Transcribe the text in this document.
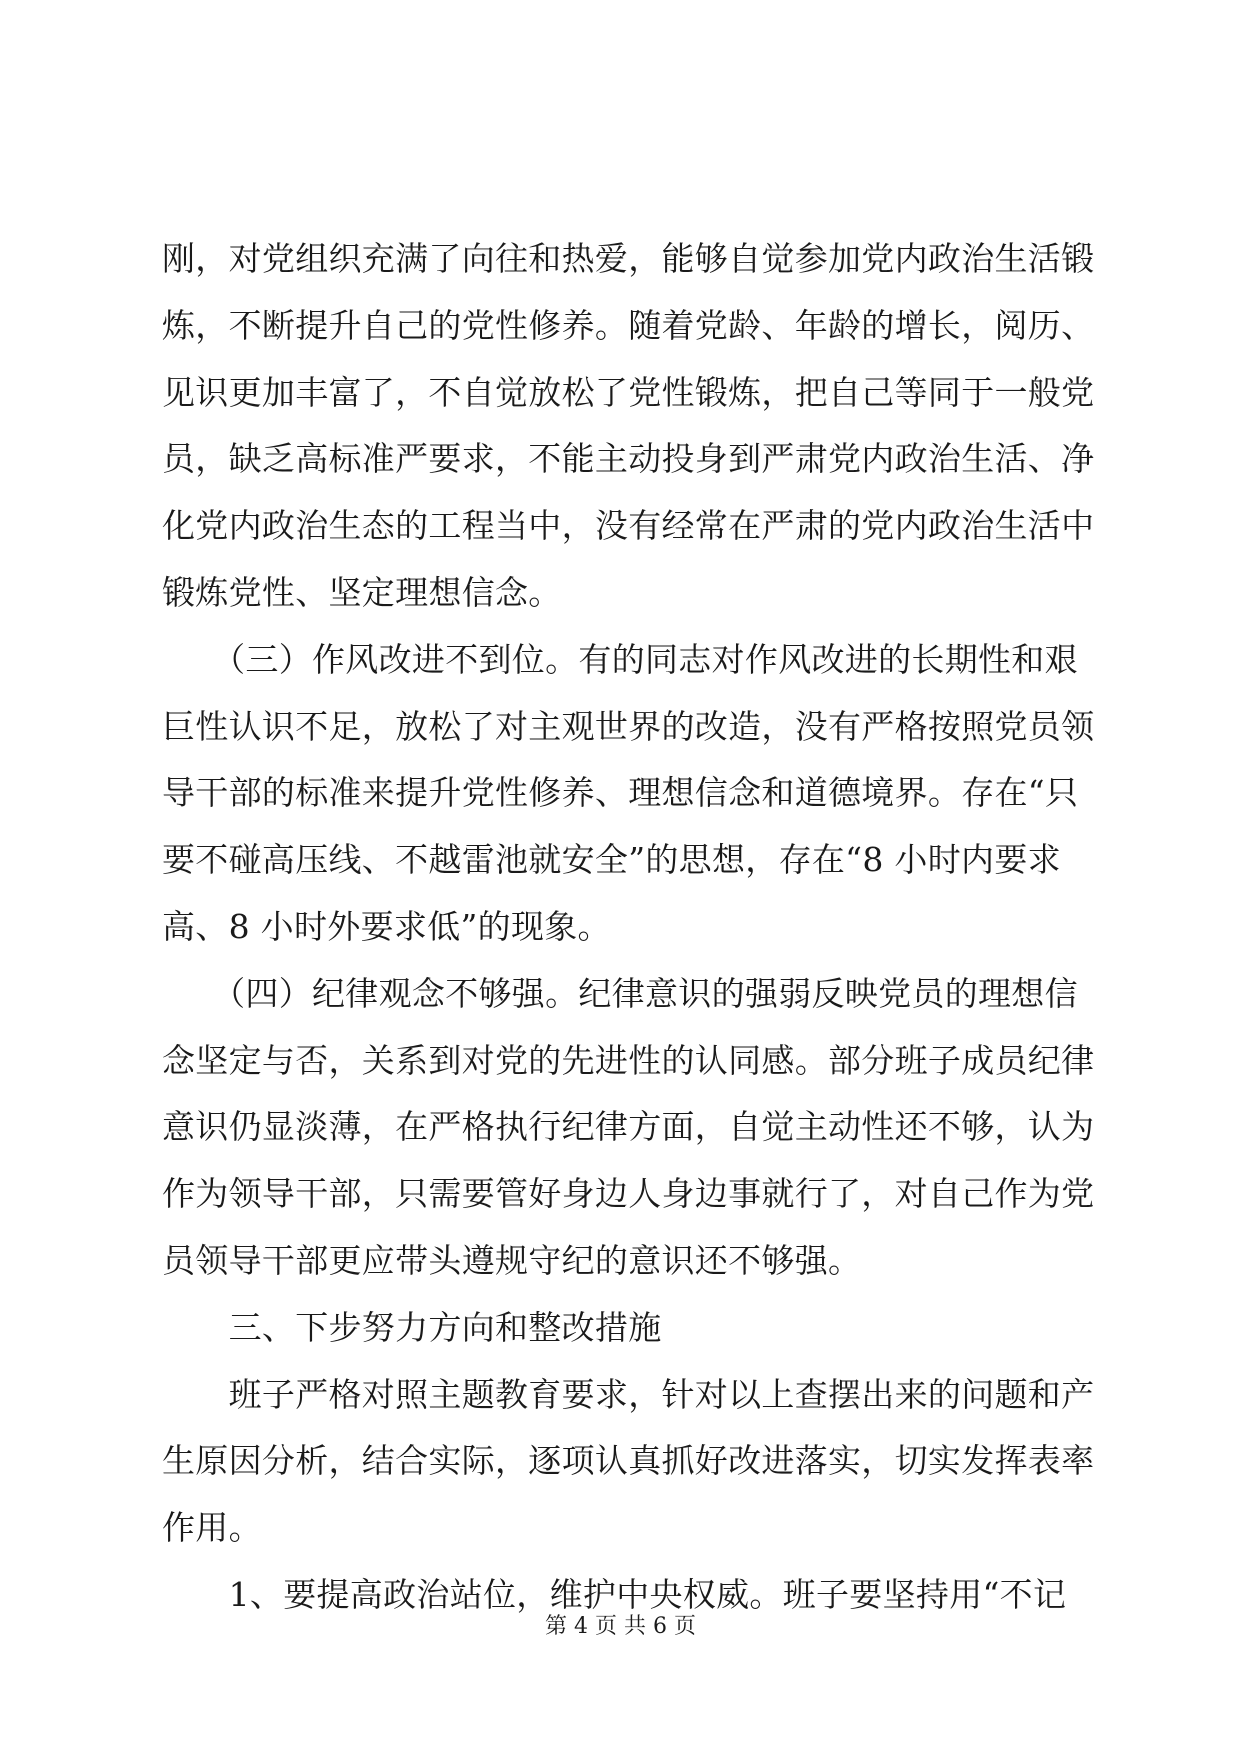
刚，对党组织充满了向往和热爱，能够自觉参加党内政治生活锻
炼，不断提升自己的党性修养。随着党龄、年龄的增长，阅历、
见识更加丰富了，不自觉放松了党性锻炼，把自己等同于一般党
员，缺乏高标准严要求，不能主动投身到严肃党内政治生活、净
化党内政治生态的工程当中，没有经常在严肃的党内政治生活中
锻炼党性、坚定理想信念。
　　（三）作风改进不到位。有的同志对作风改进的长期性和艰
巨性认识不足，放松了对主观世界的改造，没有严格按照党员领
导干部的标准来提升党性修养、理想信念和道德境界。存在“只
要不碰高压线、不越雷池就安全”的思想，存在“8 小时内要求
高、8 小时外要求低”的现象。
　　（四）纪律观念不够强。纪律意识的强弱反映党员的理想信
念坚定与否，关系到对党的先进性的认同感。部分班子成员纪律
意识仍显淡薄，在严格执行纪律方面，自觉主动性还不够，认为
作为领导干部，只需要管好身边人身边事就行了，对自己作为党
员领导干部更应带头遵规守纪的意识还不够强。
　　三、下步努力方向和整改措施
　　班子严格对照主题教育要求，针对以上查摆出来的问题和产
生原因分析，结合实际，逐项认真抓好改进落实，切实发挥表率
作用。
　　1、要提高政治站位，维护中央权威。班子要坚持用“不记
第 4 页 共 6 页
